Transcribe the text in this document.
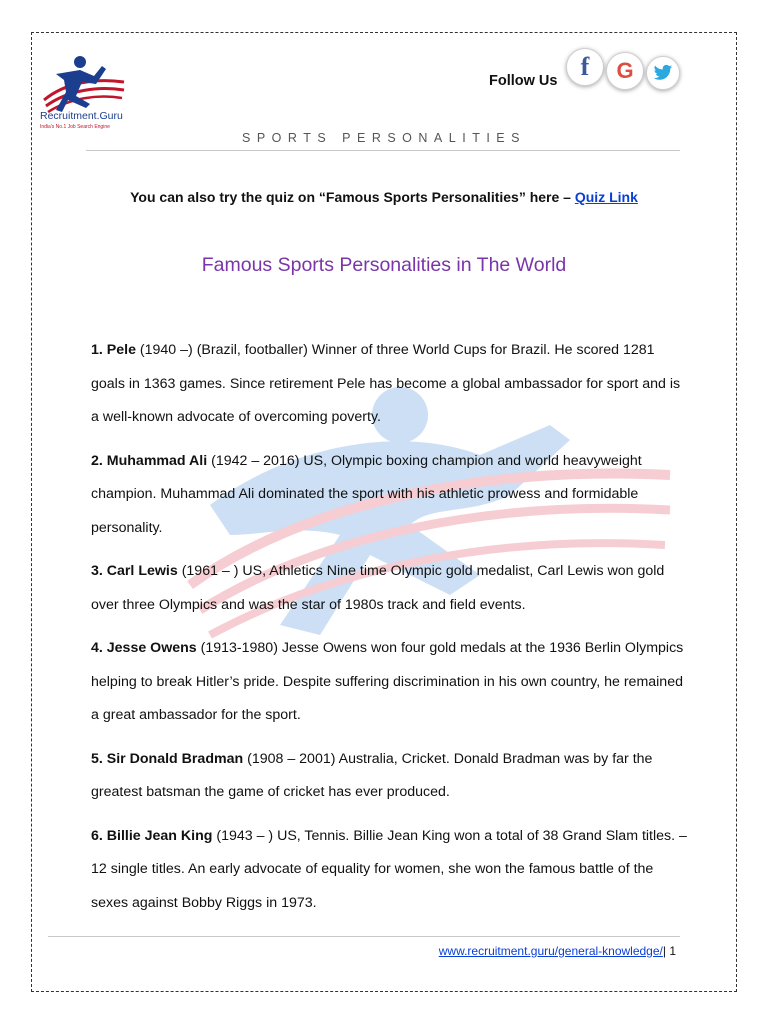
Recruitment.Guru
India's No.1 Job Search Engine
Follow Us f G
SPORTS PERSONALITIES
You can also try the quiz on “Famous Sports Personalities” here – Quiz Link
Famous Sports Personalities in The World

1. Pele (1940 –) (Brazil, footballer) Winner of three World Cups for Brazil. He scored 1281 goals in 1363 games. Since retirement Pele has become a global ambassador for sport and is a well-known advocate of overcoming poverty.

2. Muhammad Ali (1942 – 2016) US, Olympic boxing champion and world heavyweight champion. Muhammad Ali dominated the sport with his athletic prowess and formidable personality.

3. Carl Lewis (1961 – ) US, Athletics Nine time Olympic gold medalist, Carl Lewis won gold over three Olympics and was the star of 1980s track and field events.

4. Jesse Owens (1913-1980) Jesse Owens won four gold medals at the 1936 Berlin Olympics helping to break Hitler’s pride. Despite suffering discrimination in his own country, he remained a great ambassador for the sport.

5. Sir Donald Bradman (1908 – 2001) Australia, Cricket. Donald Bradman was by far the greatest batsman the game of cricket has ever produced.

6. Billie Jean King (1943 – ) US, Tennis. Billie Jean King won a total of 38 Grand Slam titles. – 12 single titles. An early advocate of equality for women, she won the famous battle of the sexes against Bobby Riggs in 1973.

www.recruitment.guru/general-knowledge/| 1
